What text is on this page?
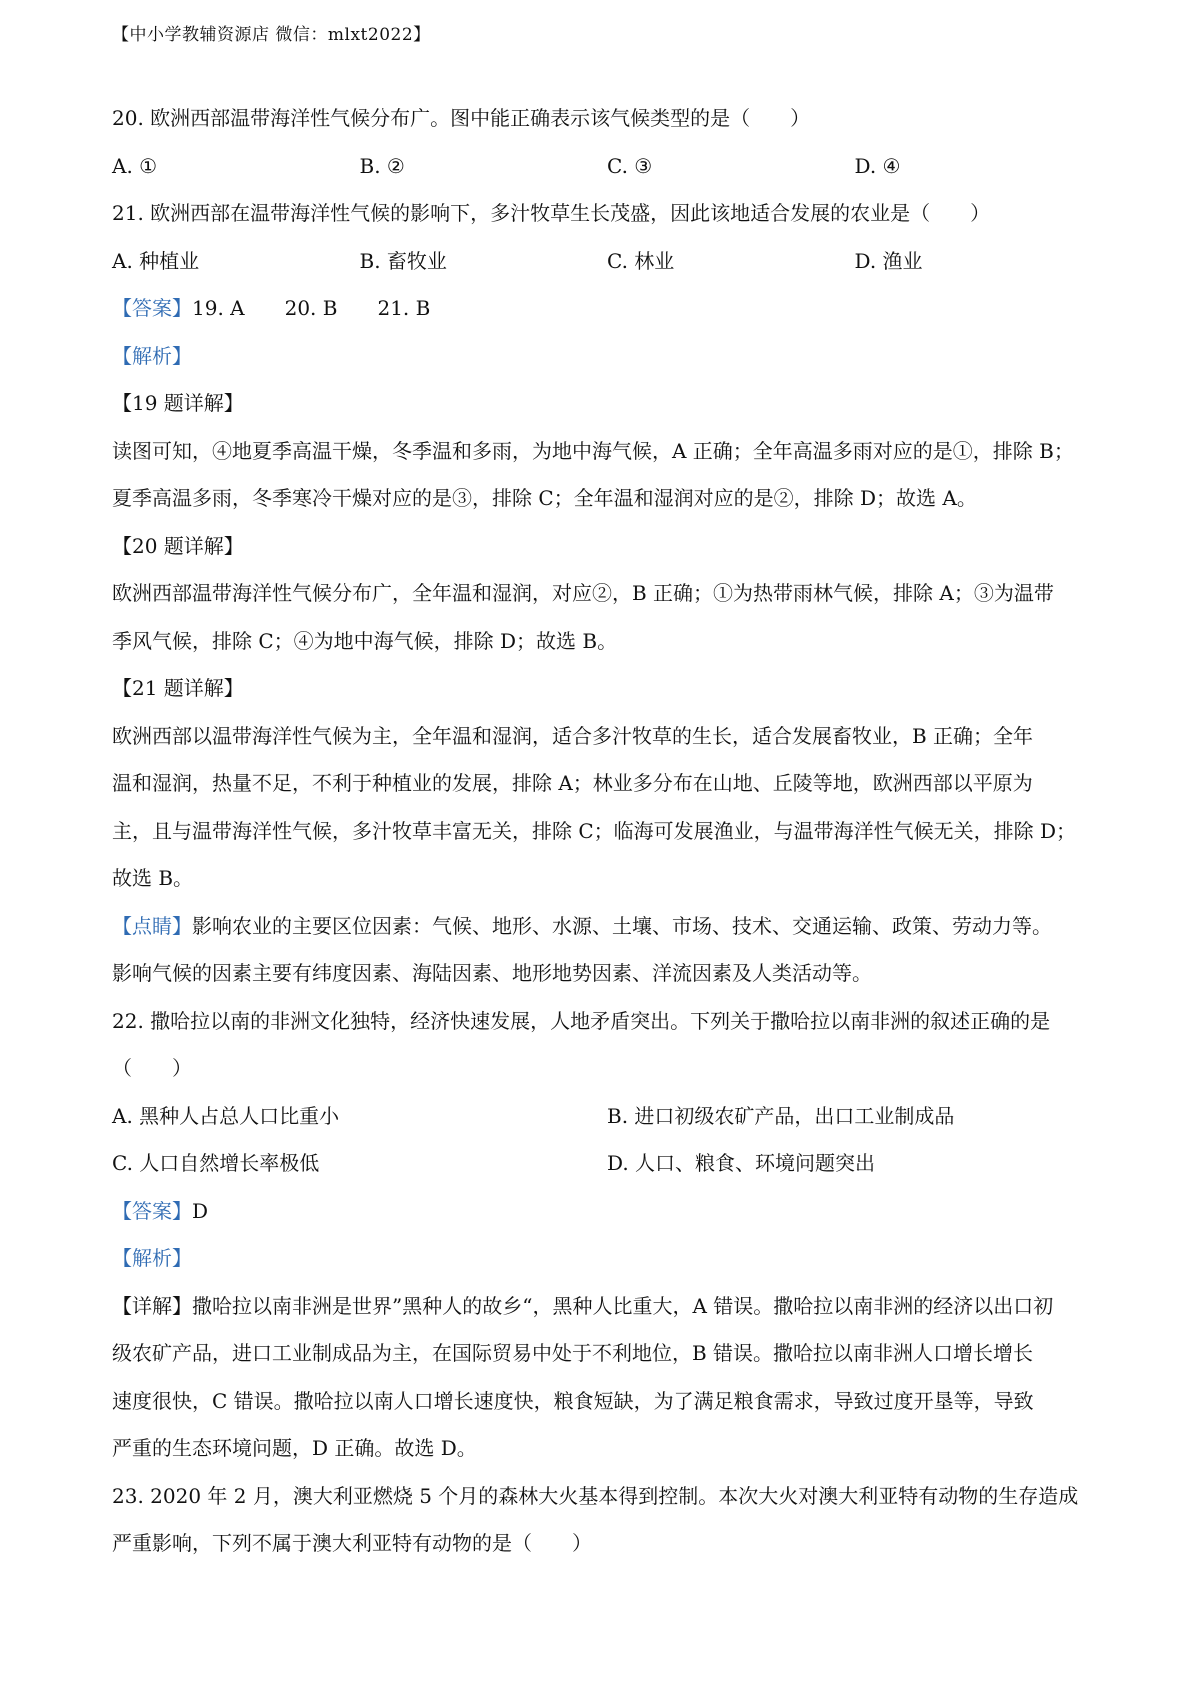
【中小学教辅资源店 微信：mlxt2022】
20. 欧洲西部温带海洋性气候分布广。图中能正确表示该气候类型的是（　　）
A. ①	B. ②	C. ③	D. ④
21. 欧洲西部在温带海洋性气候的影响下，多汁牧草生长茂盛，因此该地适合发展的农业是（　　）
A. 种植业	B. 畜牧业	C. 林业	D. 渔业
【答案】19. A　　20. B　　21. B
【解析】
【19 题详解】
读图可知，④地夏季高温干燥，冬季温和多雨，为地中海气候，A 正确；全年高温多雨对应的是①，排除 B；
夏季高温多雨，冬季寒冷干燥对应的是③，排除 C；全年温和湿润对应的是②，排除 D；故选 A。
【20 题详解】
欧洲西部温带海洋性气候分布广，全年温和湿润，对应②，B 正确；①为热带雨林气候，排除 A；③为温带
季风气候，排除 C；④为地中海气候，排除 D；故选 B。
【21 题详解】
欧洲西部以温带海洋性气候为主，全年温和湿润，适合多汁牧草的生长，适合发展畜牧业，B 正确；全年
温和湿润，热量不足，不利于种植业的发展，排除 A；林业多分布在山地、丘陵等地，欧洲西部以平原为
主，且与温带海洋性气候，多汁牧草丰富无关，排除 C；临海可发展渔业，与温带海洋性气候无关，排除 D；
故选 B。
【点睛】影响农业的主要区位因素：气候、地形、水源、土壤、市场、技术、交通运输、政策、劳动力等。
影响气候的因素主要有纬度因素、海陆因素、地形地势因素、洋流因素及人类活动等。
22. 撒哈拉以南的非洲文化独特，经济快速发展，人地矛盾突出。下列关于撒哈拉以南非洲的叙述正确的是
（　　）
A. 黑种人占总人口比重小	B. 进口初级农矿产品，出口工业制成品
C. 人口自然增长率极低	D. 人口、粮食、环境问题突出
【答案】D
【解析】
【详解】撒哈拉以南非洲是世界”黑种人的故乡“，黑种人比重大，A 错误。撒哈拉以南非洲的经济以出口初
级农矿产品，进口工业制成品为主，在国际贸易中处于不利地位，B 错误。撒哈拉以南非洲人口增长增长
速度很快，C 错误。撒哈拉以南人口增长速度快，粮食短缺，为了满足粮食需求，导致过度开垦等，导致
严重的生态环境问题，D 正确。故选 D。
23. 2020 年 2 月，澳大利亚燃烧 5 个月的森林大火基本得到控制。本次大火对澳大利亚特有动物的生存造成
严重影响，下列不属于澳大利亚特有动物的是（　　）
